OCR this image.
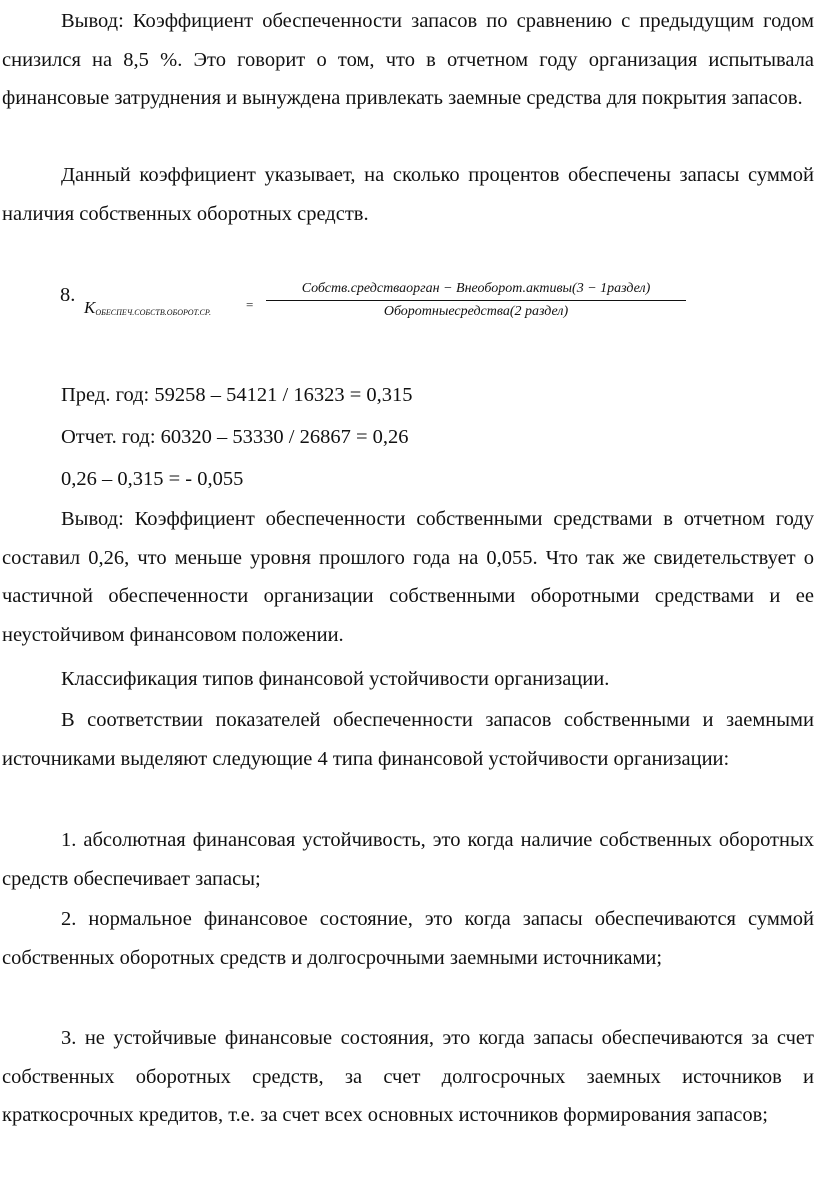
Вывод: Коэффициент обеспеченности запасов по сравнению с предыдущим годом снизился на 8,5 %. Это говорит о том, что в отчетном году организация испытывала финансовые затруднения и вынуждена привлекать заемные средства для покрытия запасов.

Данный коэффициент указывает, на сколько процентов обеспечены запасы суммой наличия собственных оборотных средств.

8.
KОБЕСПЕЧ.СОБСТВ.ОБОРОТ.СР.
=
Собств.средстваорган − Внеоборот.активы(3 − 1раздел)
Оборотныесредства(2 раздел)
Пред. год: 59258 – 54121 / 16323 = 0,315
Отчет. год: 60320 – 53330 / 26867 = 0,26
0,26 – 0,315 = - 0,055

Вывод: Коэффициент обеспеченности собственными средствами в отчетном году составил 0,26, что меньше уровня прошлого года на 0,055. Что так же свидетельствует о частичной обеспеченности организации собственными оборотными средствами и ее неустойчивом финансовом положении.

Классификация типов финансовой устойчивости организации.

В соответствии показателей обеспеченности запасов собственными и заемными источниками выделяют следующие 4 типа финансовой устойчивости организации:

1. абсолютная финансовая устойчивость, это когда наличие собственных оборотных средств обеспечивает запасы;

2. нормальное финансовое состояние, это когда запасы обеспечиваются суммой собственных оборотных средств и долгосрочными заемными источниками;

3. не устойчивые финансовые состояния, это когда запасы обеспечиваются за счет собственных оборотных средств, за счет долгосрочных заемных источников и краткосрочных кредитов, т.е. за счет всех основных источников формирования запасов;
